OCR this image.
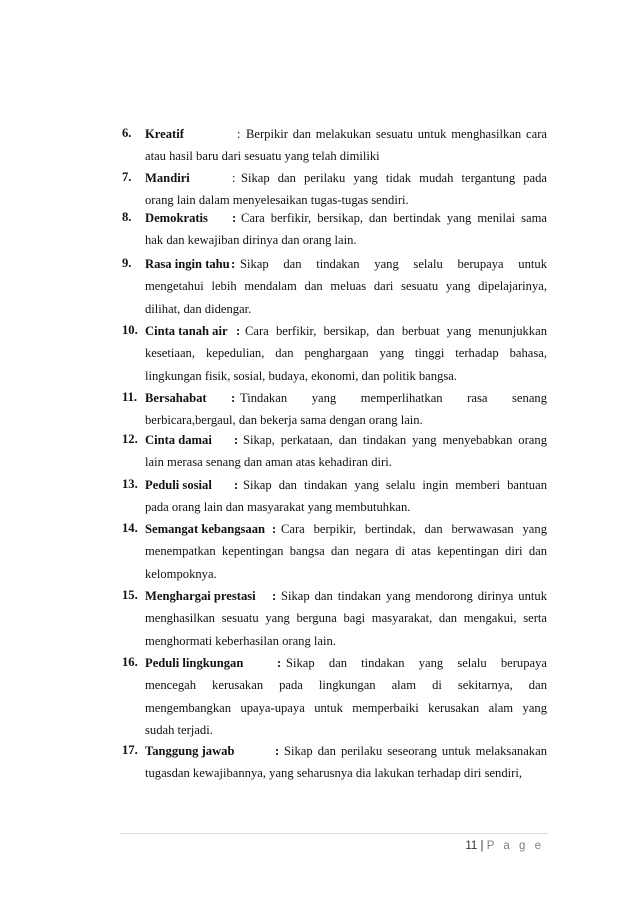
6. Kreatif	: Berpikir dan melakukan sesuatu untuk menghasilkan cara
atau hasil baru dari sesuatu yang telah dimiliki
7. Mandiri	: Sikap dan perilaku yang tidak mudah tergantung pada
orang lain dalam menyelesaikan tugas-tugas sendiri.
8. Demokratis : Cara berfikir, bersikap, dan bertindak yang menilai sama
hak dan kewajiban dirinya dan orang lain.
9. Rasa ingin tahu : Sikap dan tindakan yang selalu berupaya untuk
mengetahui lebih mendalam dan meluas dari sesuatu yang dipelajarinya,
dilihat, dan didengar.
10. Cinta tanah air : Cara berfikir, bersikap, dan berbuat yang menunjukkan
kesetiaan, kepedulian, dan penghargaan yang tinggi terhadap bahasa,
lingkungan fisik, sosial, budaya, ekonomi, dan politik bangsa.
11. Bersahabat : Tindakan yang memperlihatkan rasa senang
berbicara,bergaul, dan bekerja sama dengan orang lain.
12. Cinta damai : Sikap, perkataan, dan tindakan yang menyebabkan orang
lain merasa senang dan aman atas kehadiran diri.
13. Peduli sosial : Sikap dan tindakan yang selalu ingin memberi bantuan
pada orang lain dan masyarakat yang membutuhkan.
14. Semangat kebangsaan : Cara berpikir, bertindak, dan berwawasan yang
menempatkan kepentingan bangsa dan negara di atas kepentingan diri dan
kelompoknya.
15. Menghargai prestasi : Sikap dan tindakan yang mendorong dirinya untuk
menghasilkan sesuatu yang berguna bagi masyarakat, dan mengakui, serta
menghormati keberhasilan orang lain.
16. Peduli lingkungan	: Sikap dan tindakan yang selalu berupaya
mencegah kerusakan pada lingkungan alam di sekitarnya, dan
mengembangkan upaya-upaya untuk memperbaiki kerusakan alam yang
sudah terjadi.
17. Tanggung jawab	: Sikap dan perilaku seseorang untuk melaksanakan
tugasdan kewajibannya, yang seharusnya dia lakukan terhadap diri sendiri,
11 | P a g e
